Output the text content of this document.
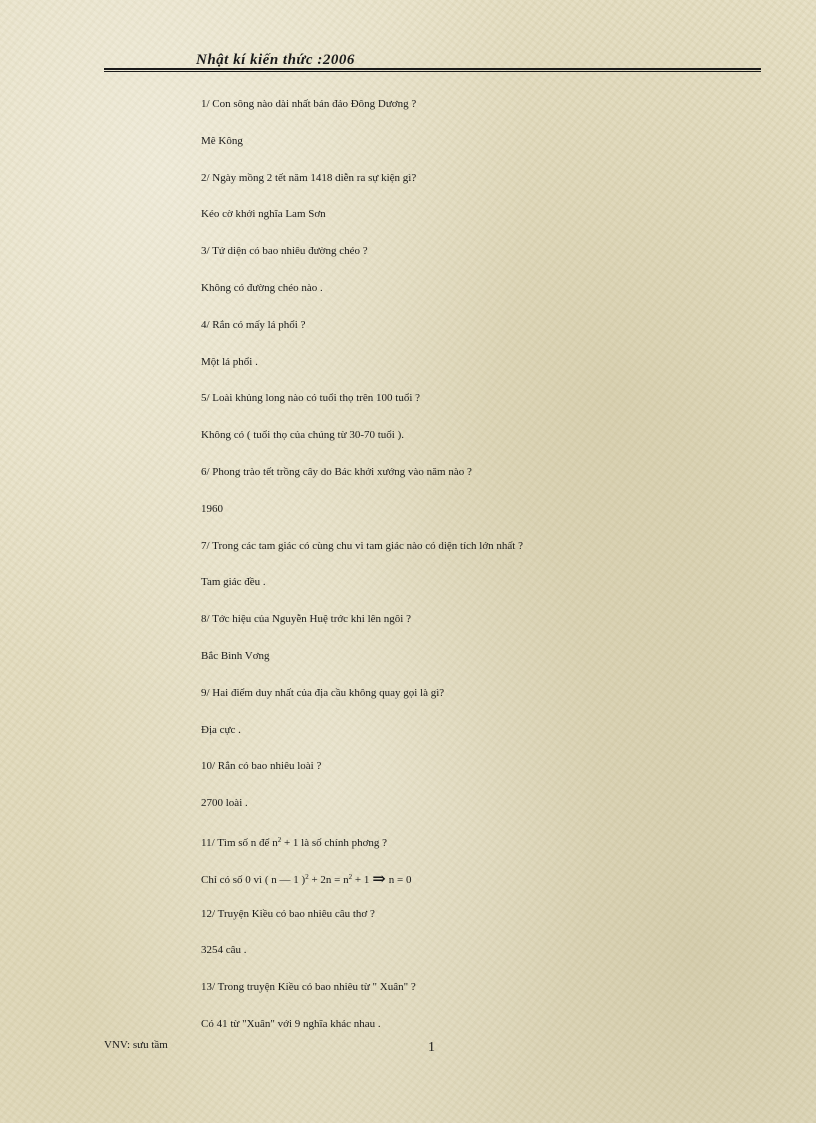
Nhật kí kiến thức :2006
1/ Con sông nào dài nhất bán đảo Đông Dương ?
Mê Kông
2/ Ngày mồng 2 tết năm 1418 diễn ra sự kiện gì?
Kéo cờ khởi nghĩa Lam Sơn
3/ Tứ diện có bao nhiêu đường chéo ?
Không có đường chéo nào .
4/ Rắn có mấy lá phổi ?
Một lá phổi .
5/ Loài khủng long nào có tuổi thọ trên 100 tuổi ?
Không có ( tuổi thọ của chúng từ 30-70 tuổi ).
6/ Phong trào tết trồng cây do Bác khởi xướng vào năm nào ?
1960
7/ Trong các tam giác có cùng chu vi tam giác nào có diện tích lớn nhất ?
Tam giác đều .
8/ Tớc hiệu của Nguyễn Huệ trớc khi lên ngôi ?
Bắc Bình Vơng
9/ Hai điểm duy nhất của địa cầu không quay gọi là gì?
Địa cực .
10/ Rắn có bao nhiêu loài ?
2700 loài .
11/ Tìm số n để $n^2 + 1$ là số chính phơng ?
Chỉ có số 0 vì ( n — 1 )$^2 + 2n = n^2 + 1$ ⇒ n = 0
12/ Truyện Kiều có bao nhiêu câu thơ ?
3254 câu .
13/ Trong truyện Kiều có bao nhiêu từ " Xuân" ?
Có 41 từ "Xuân" với 9 nghĩa khác nhau .
VNV: sưu tầm	1
